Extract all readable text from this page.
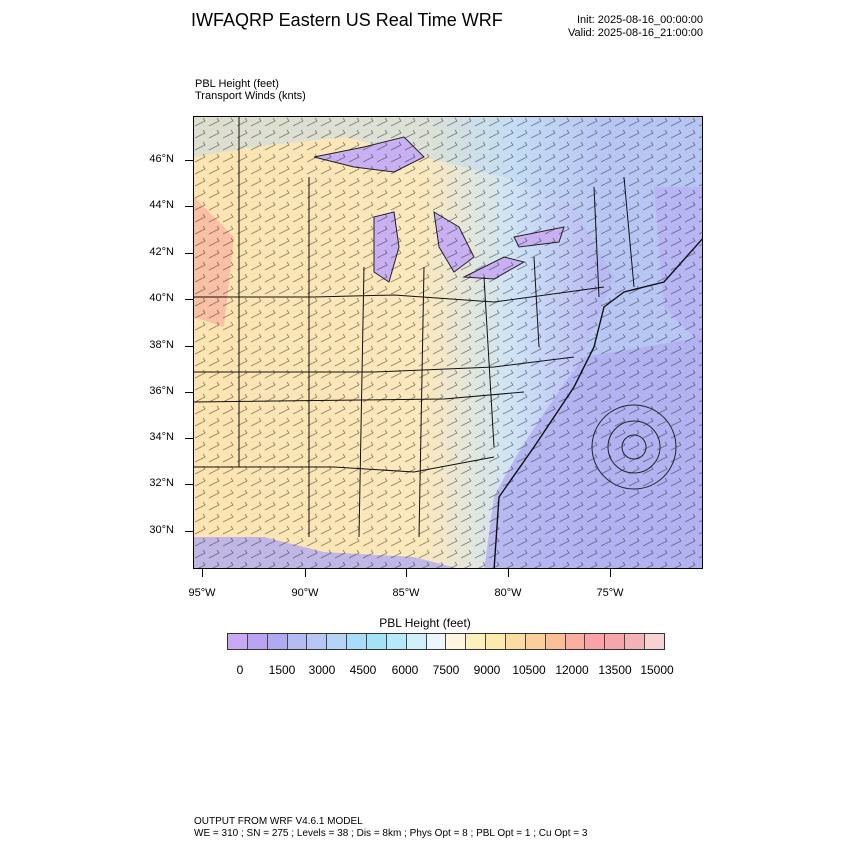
IWFAQRP Eastern US Real Time WRF	Init: 2025-08-16_00:00:00
Valid: 2025-08-16_21:00:00
PBL Height (feet)
Transport Winds (knts)
46°N
44°N
42°N
40°N
38°N
36°N
34°N
32°N
30°N
95°W	90°W	85°W	80°W	75°W
PBL Height (feet)
0	1500	3000	4500	6000	7500	9000 10500 12000 13500 15000
OUTPUT FROM WRF V4.6.1 MODEL
WE = 310 ; SN = 275 ; Levels = 38 ; Dis = 8km ; Phys Opt = 8 ; PBL Opt = 1 ; Cu Opt = 3
